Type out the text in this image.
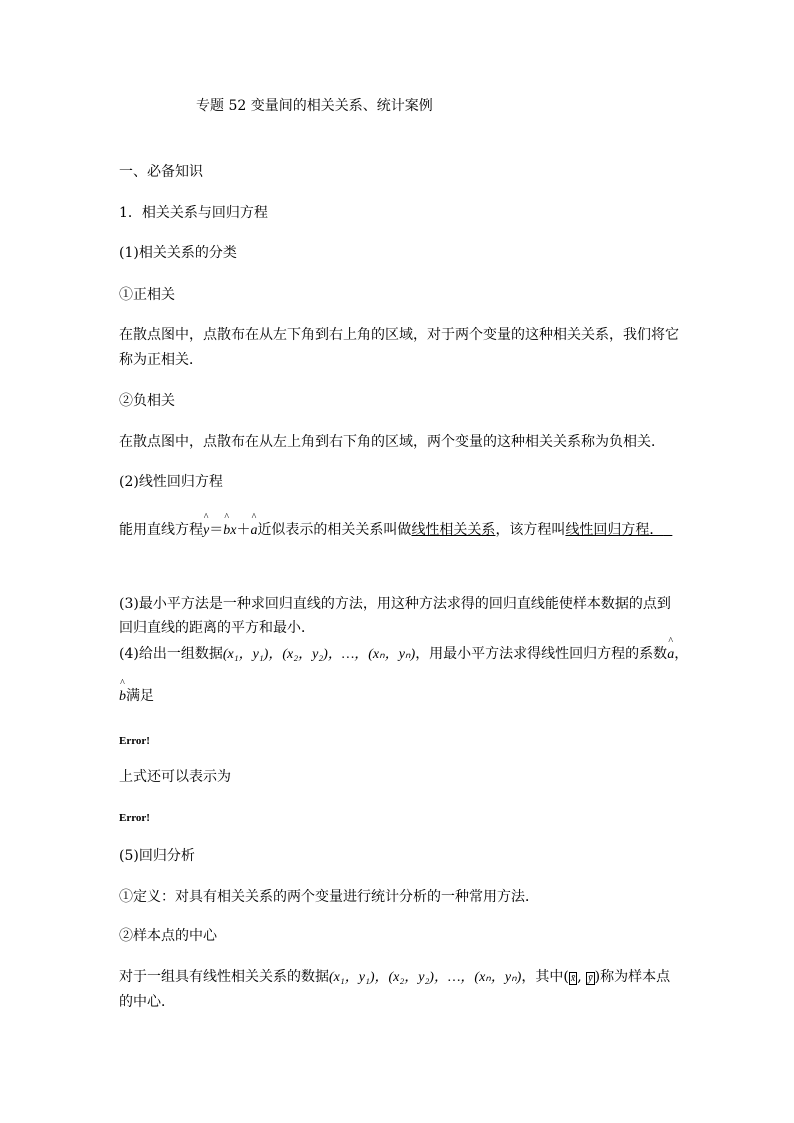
专题 52 变量间的相关关系、统计案例
一、必备知识
1．相关关系与回归方程
(1)相关关系的分类
①正相关
在散点图中，点散布在从左下角到右上角的区域，对于两个变量的这种相关关系，我们将它
称为正相关．
②负相关
在散点图中，点散布在从左上角到右下角的区域，两个变量的这种相关关系称为负相关．
(2)线性回归方程
能用直线方程^ y＝^ bx＋^ a近似表示的相关关系叫做线性相关关系，该方程叫线性回归方程．
(3)最小平方法是一种求回归直线的方法，用这种方法求得的回归直线能使样本数据的点到
回归直线的距离的平方和最小．
(4)给出一组数据(x₁，y₁)，(x₂，y₂)，…，(xₙ，yₙ)，用最小平方法求得线性回归方程的系数^ a，
^ b满足
Error!
上式还可以表示为
Error!
(5)回归分析
①定义：对具有相关关系的两个变量进行统计分析的一种常用方法．
②样本点的中心
对于一组具有线性相关关系的数据(x₁，y₁)，(x₂，y₂)，…，(xₙ，yₙ)，其中( x̄ , ȳ )称为样本点
的中心．
